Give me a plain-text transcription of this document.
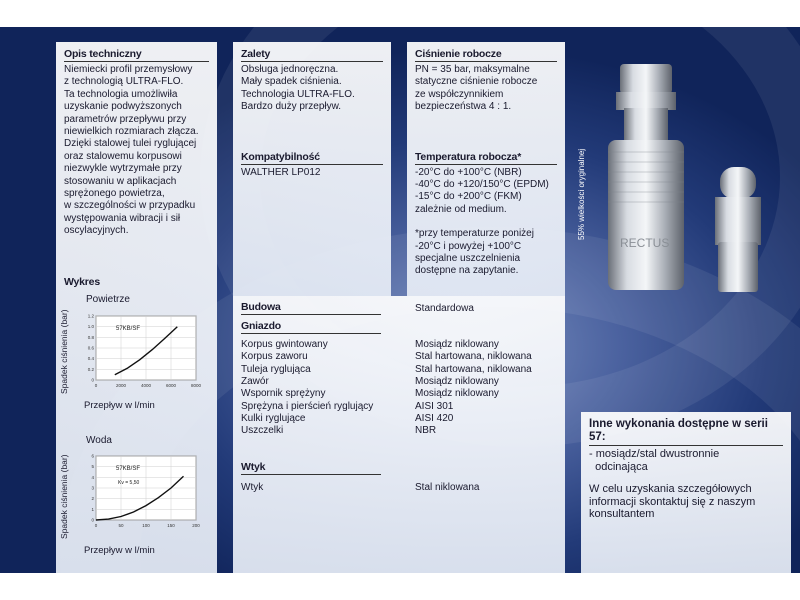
Opis techniczny
Niemiecki profil przemysłowy
z technologią ULTRA-FLO.
Ta technologia umożliwiła
uzyskanie podwyższonych
parametrów przepływu przy
niewielkich rozmiarach złącza.
Dzięki stalowej tulei ryglującej
oraz stalowemu korpusowi
niezwykle wytrzymałe przy
stosowaniu w aplikacjach
sprężonego powietrza,
w szczególności w przypadku
występowania wibracji i sił
oscylacyjnych.
Wykres
Powietrze
Spadek ciśnienia (bar)	0	2000	4000	6000	8000
0
0.2
0.4
0.6
0.8
1.0
1.2
57KB/SF
Przepływ w l/min
Woda
Spadek ciśnienia (bar)	0	50	100	150	200
0
1
2
3
4
5
6
57KB/SF
Kv = 5,50
Przepływ w l/min
Zalety
Obsługa jednoręczna.
Mały spadek ciśnienia.
Technologia ULTRA-FLO.
Bardzo duży przepływ.
Kompatybilność
WALTHER LP012
Ciśnienie robocze
PN = 35 bar, maksymalne
statyczne ciśnienie robocze
ze współczynnikiem
bezpieczeństwa 4 : 1.
Temperatura robocza*
-20°C do +100°C (NBR)
-40°C do +120/150°C (EPDM)
-15°C do +200°C (FKM)
zależnie od medium.
*przy temperaturze poniżej
-20°C i powyżej +100°C
specjalne uszczelnienia
dostępne na zapytanie.
Budowa	Standardowa
Gniazdo
Korpus gwintowany	Mosiądz niklowany
Korpus zaworu	Stal hartowana, niklowana
Tuleja ryglująca	Stal hartowana, niklowana
Zawór	Mosiądz niklowany
Wspornik sprężyny	Mosiądz niklowany
Sprężyna i pierścień ryglujący	AISI 301
Kulki ryglujące	AISI 420
Uszczelki	NBR
Wtyk
Wtyk	Stal niklowana
RECTUS
55% wielkości oryginalnej
Inne wykonania dostępne w serii 57:
- mosiądz/stal dwustronnie
odcinająca
W celu uzyskania szczegółowych
informacji skontaktuj się z naszym
konsultantem
